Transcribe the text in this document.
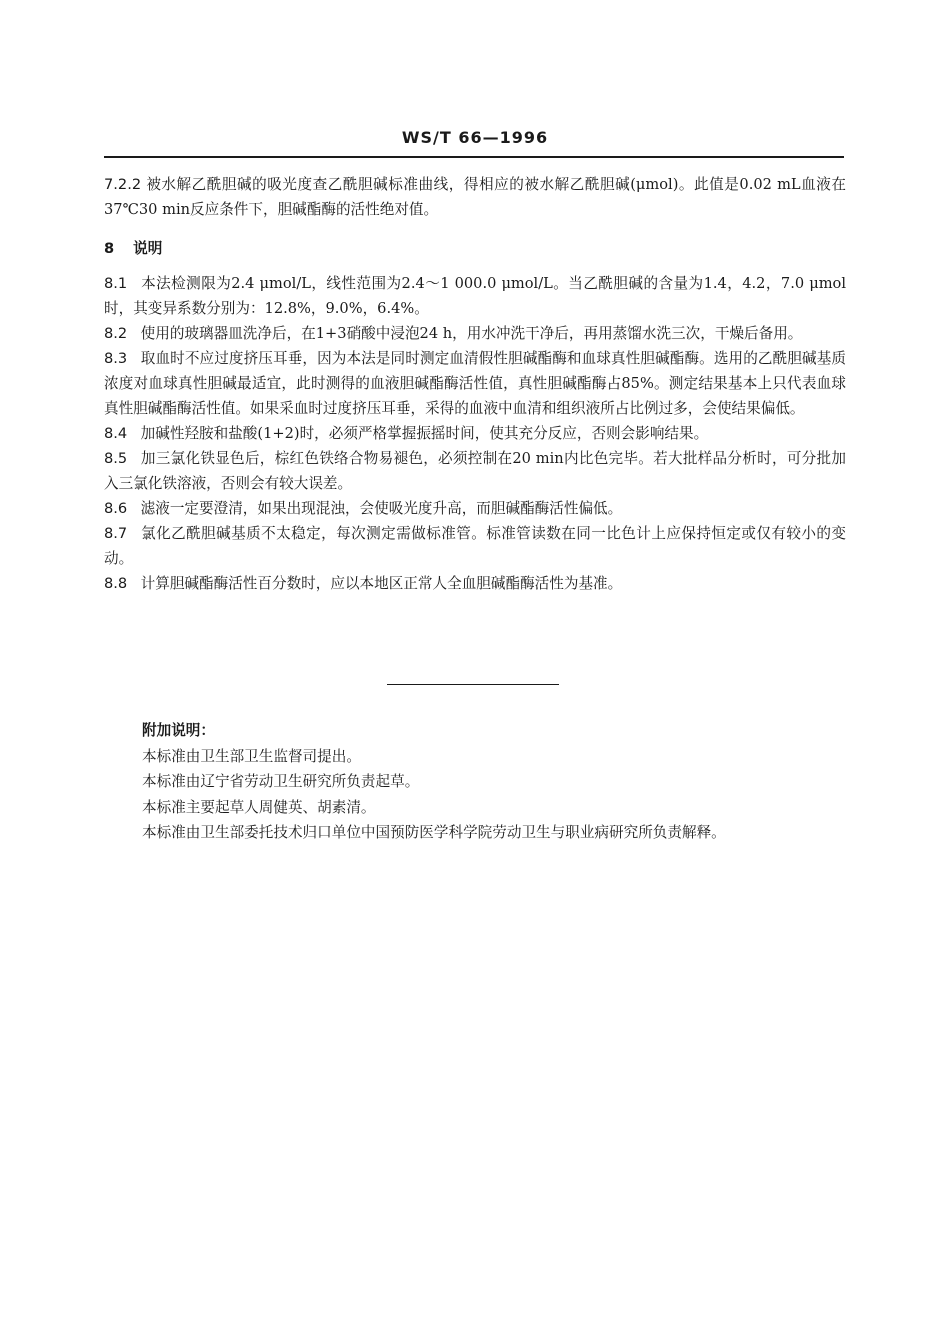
WS/T 66—1996

7.2.2 被水解乙酰胆碱的吸光度查乙酰胆碱标准曲线，得相应的被水解乙酰胆碱(μmol)。此值是0.02 mL血液在37℃30 min反应条件下，胆碱酯酶的活性绝对值。

8 说明

8.1 本法检测限为2.4 μmol/L，线性范围为2.4～1 000.0 μmol/L。当乙酰胆碱的含量为1.4，4.2，7.0 μmol时，其变异系数分别为：12.8%，9.0%，6.4%。

8.2 使用的玻璃器皿洗净后，在1+3硝酸中浸泡24 h，用水冲洗干净后，再用蒸馏水洗三次，干燥后备用。

8.3 取血时不应过度挤压耳垂，因为本法是同时测定血清假性胆碱酯酶和血球真性胆碱酯酶。选用的乙酰胆碱基质浓度对血球真性胆碱最适宜，此时测得的血液胆碱酯酶活性值，真性胆碱酯酶占85%。测定结果基本上只代表血球真性胆碱酯酶活性值。如果采血时过度挤压耳垂，采得的血液中血清和组织液所占比例过多，会使结果偏低。

8.4 加碱性羟胺和盐酸(1+2)时，必须严格掌握振摇时间，使其充分反应，否则会影响结果。

8.5 加三氯化铁显色后，棕红色铁络合物易褪色，必须控制在20 min内比色完毕。若大批样品分析时，可分批加入三氯化铁溶液，否则会有较大误差。

8.6 滤液一定要澄清，如果出现混浊，会使吸光度升高，而胆碱酯酶活性偏低。

8.7 氯化乙酰胆碱基质不太稳定，每次测定需做标准管。标准管读数在同一比色计上应保持恒定或仅有较小的变动。

8.8 计算胆碱酯酶活性百分数时，应以本地区正常人全血胆碱酯酶活性为基准。

附加说明：

本标准由卫生部卫生监督司提出。

本标准由辽宁省劳动卫生研究所负责起草。

本标准主要起草人周健英、胡素清。

本标准由卫生部委托技术归口单位中国预防医学科学院劳动卫生与职业病研究所负责解释。
